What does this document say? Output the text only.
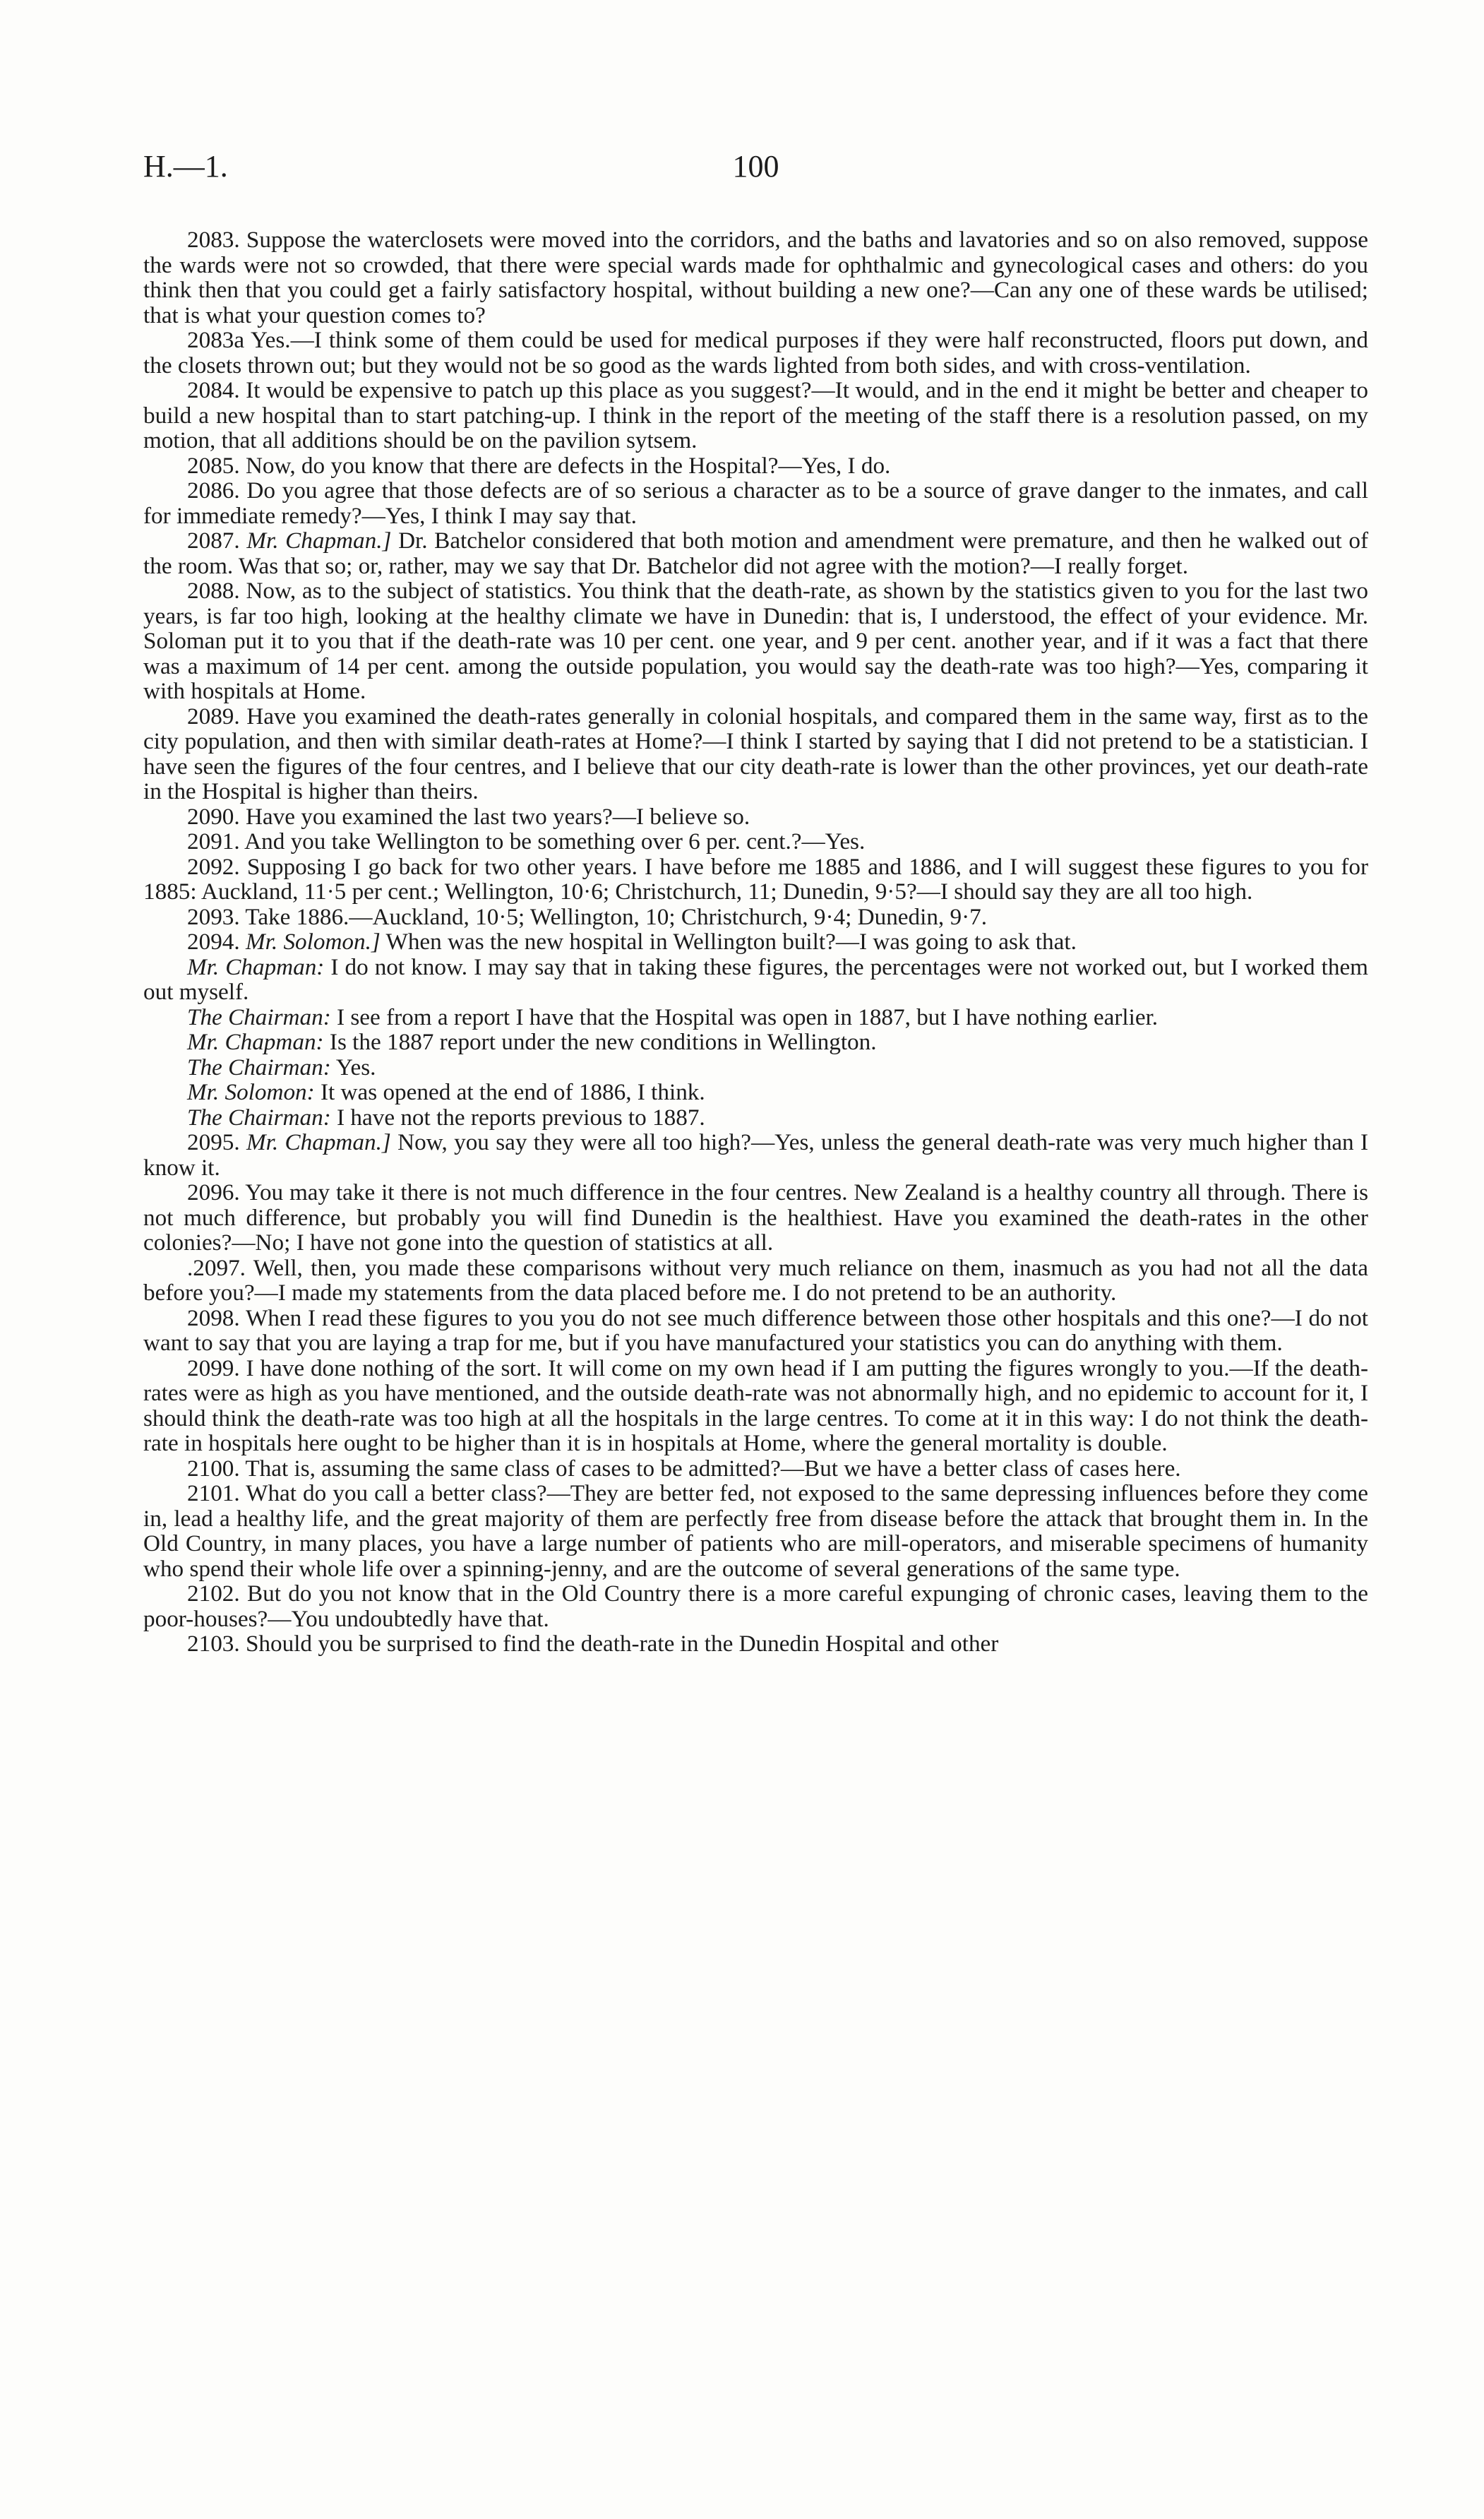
H.—1.	100

2083. Suppose the waterclosets were moved into the corridors, and the baths and lavatories and so on also removed, suppose the wards were not so crowded, that there were special wards made for ophthalmic and gynecological cases and others: do you think then that you could get a fairly satisfactory hospital, without building a new one?—Can any one of these wards be utilised; that is what your question comes to?

2083a Yes.—I think some of them could be used for medical purposes if they were half reconstructed, floors put down, and the closets thrown out; but they would not be so good as the wards lighted from both sides, and with cross-ventilation.

2084. It would be expensive to patch up this place as you suggest?—It would, and in the end it might be better and cheaper to build a new hospital than to start patching-up. I think in the report of the meeting of the staff there is a resolution passed, on my motion, that all additions should be on the pavilion sytsem.

2085. Now, do you know that there are defects in the Hospital?—Yes, I do.

2086. Do you agree that those defects are of so serious a character as to be a source of grave danger to the inmates, and call for immediate remedy?—Yes, I think I may say that.

2087. Mr. Chapman.] Dr. Batchelor considered that both motion and amendment were premature, and then he walked out of the room. Was that so; or, rather, may we say that Dr. Batchelor did not agree with the motion?—I really forget.

2088. Now, as to the subject of statistics. You think that the death-rate, as shown by the statistics given to you for the last two years, is far too high, looking at the healthy climate we have in Dunedin: that is, I understood, the effect of your evidence. Mr. Soloman put it to you that if the death-rate was 10 per cent. one year, and 9 per cent. another year, and if it was a fact that there was a maximum of 14 per cent. among the outside population, you would say the death-rate was too high?—Yes, comparing it with hospitals at Home.

2089. Have you examined the death-rates generally in colonial hospitals, and compared them in the same way, first as to the city population, and then with similar death-rates at Home?—I think I started by saying that I did not pretend to be a statistician. I have seen the figures of the four centres, and I believe that our city death-rate is lower than the other provinces, yet our death-rate in the Hospital is higher than theirs.

2090. Have you examined the last two years?—I believe so.

2091. And you take Wellington to be something over 6 per. cent.?—Yes.

2092. Supposing I go back for two other years. I have before me 1885 and 1886, and I will suggest these figures to you for 1885: Auckland, 11·5 per cent.; Wellington, 10·6; Christchurch, 11; Dunedin, 9·5?—I should say they are all too high.

2093. Take 1886.—Auckland, 10·5; Wellington, 10; Christchurch, 9·4; Dunedin, 9·7.

2094. Mr. Solomon.] When was the new hospital in Wellington built?—I was going to ask that.

Mr. Chapman: I do not know. I may say that in taking these figures, the percentages were not worked out, but I worked them out myself.

The Chairman: I see from a report I have that the Hospital was open in 1887, but I have nothing earlier.

Mr. Chapman: Is the 1887 report under the new conditions in Wellington.

The Chairman: Yes.

Mr. Solomon: It was opened at the end of 1886, I think.

The Chairman: I have not the reports previous to 1887.

2095. Mr. Chapman.] Now, you say they were all too high?—Yes, unless the general death-rate was very much higher than I know it.

2096. You may take it there is not much difference in the four centres. New Zealand is a healthy country all through. There is not much difference, but probably you will find Dunedin is the healthiest. Have you examined the death-rates in the other colonies?—No; I have not gone into the question of statistics at all.

.2097. Well, then, you made these comparisons without very much reliance on them, inasmuch as you had not all the data before you?—I made my statements from the data placed before me. I do not pretend to be an authority.

2098. When I read these figures to you you do not see much difference between those other hospitals and this one?—I do not want to say that you are laying a trap for me, but if you have manufactured your statistics you can do anything with them.

2099. I have done nothing of the sort. It will come on my own head if I am putting the figures wrongly to you.—If the death-rates were as high as you have mentioned, and the outside death-rate was not abnormally high, and no epidemic to account for it, I should think the death-rate was too high at all the hospitals in the large centres. To come at it in this way: I do not think the death-rate in hospitals here ought to be higher than it is in hospitals at Home, where the general mortality is double.

2100. That is, assuming the same class of cases to be admitted?—But we have a better class of cases here.

2101. What do you call a better class?—They are better fed, not exposed to the same depressing influences before they come in, lead a healthy life, and the great majority of them are perfectly free from disease before the attack that brought them in. In the Old Country, in many places, you have a large number of patients who are mill-operators, and miserable specimens of humanity who spend their whole life over a spinning-jenny, and are the outcome of several generations of the same type.

2102. But do you not know that in the Old Country there is a more careful expunging of chronic cases, leaving them to the poor-houses?—You undoubtedly have that.

2103. Should you be surprised to find the death-rate in the Dunedin Hospital and other
